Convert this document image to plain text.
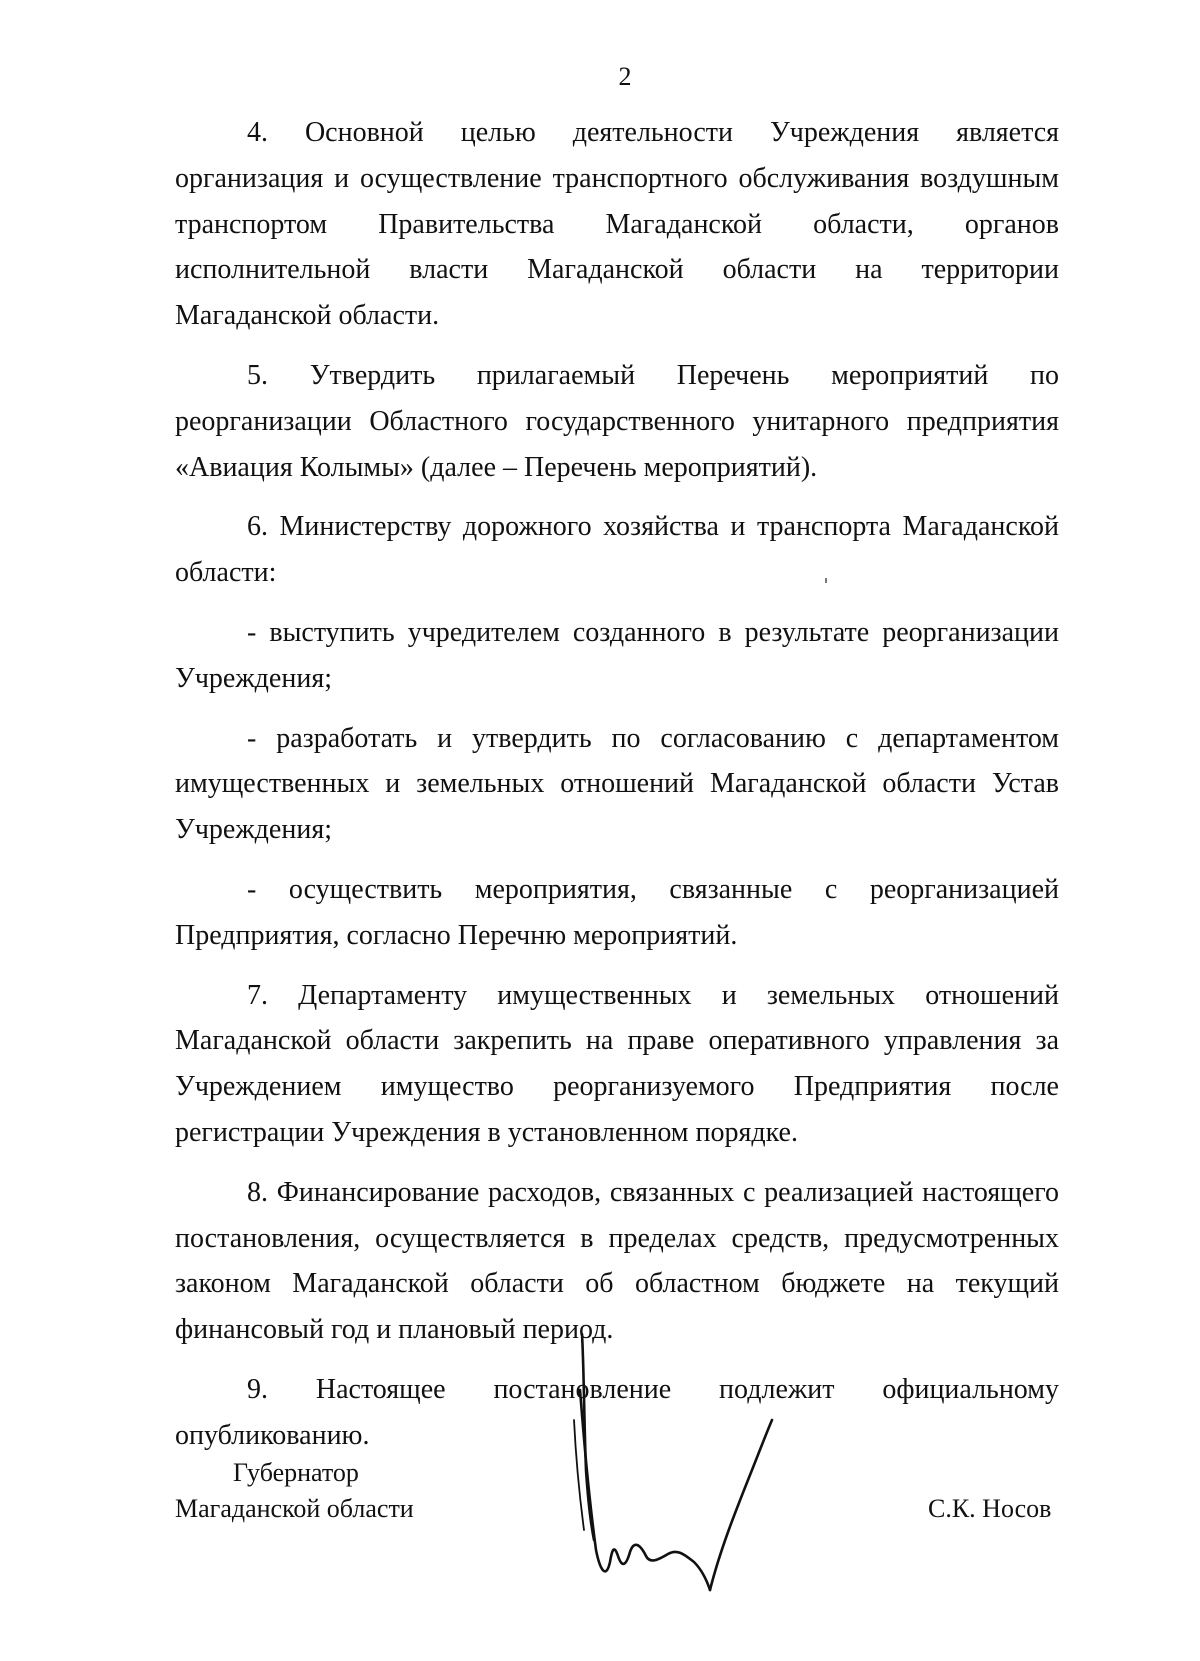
2

4. Основной целью деятельности Учреждения является организация и осуществление транспортного обслуживания воздушным транспортом Правительства Магаданской области, органов исполнительной власти Магаданской области на территории Магаданской области.

5. Утвердить прилагаемый Перечень мероприятий по реорганизации Областного государственного унитарного предприятия «Авиация Колымы» (далее – Перечень мероприятий).

6. Министерству дорожного хозяйства и транспорта Магаданской области:

- выступить учредителем созданного в результате реорганизации Учреждения;

- разработать и утвердить по согласованию с департаментом имущественных и земельных отношений Магаданской области Устав Учреждения;

- осуществить мероприятия, связанные с реорганизацией Предприятия, согласно Перечню мероприятий.

7. Департаменту имущественных и земельных отношений Магаданской области закрепить на праве оперативного управления за Учреждением имущество реорганизуемого Предприятия после регистрации Учреждения в установленном порядке.

8. Финансирование расходов, связанных с реализацией настоящего постановления, осуществляется в пределах средств, предусмотренных законом Магаданской области об областном бюджете на текущий финансовый год и плановый период.

9. Настоящее постановление подлежит официальному опубликованию.

Губернатор
Магаданской области	С.К. Носов
